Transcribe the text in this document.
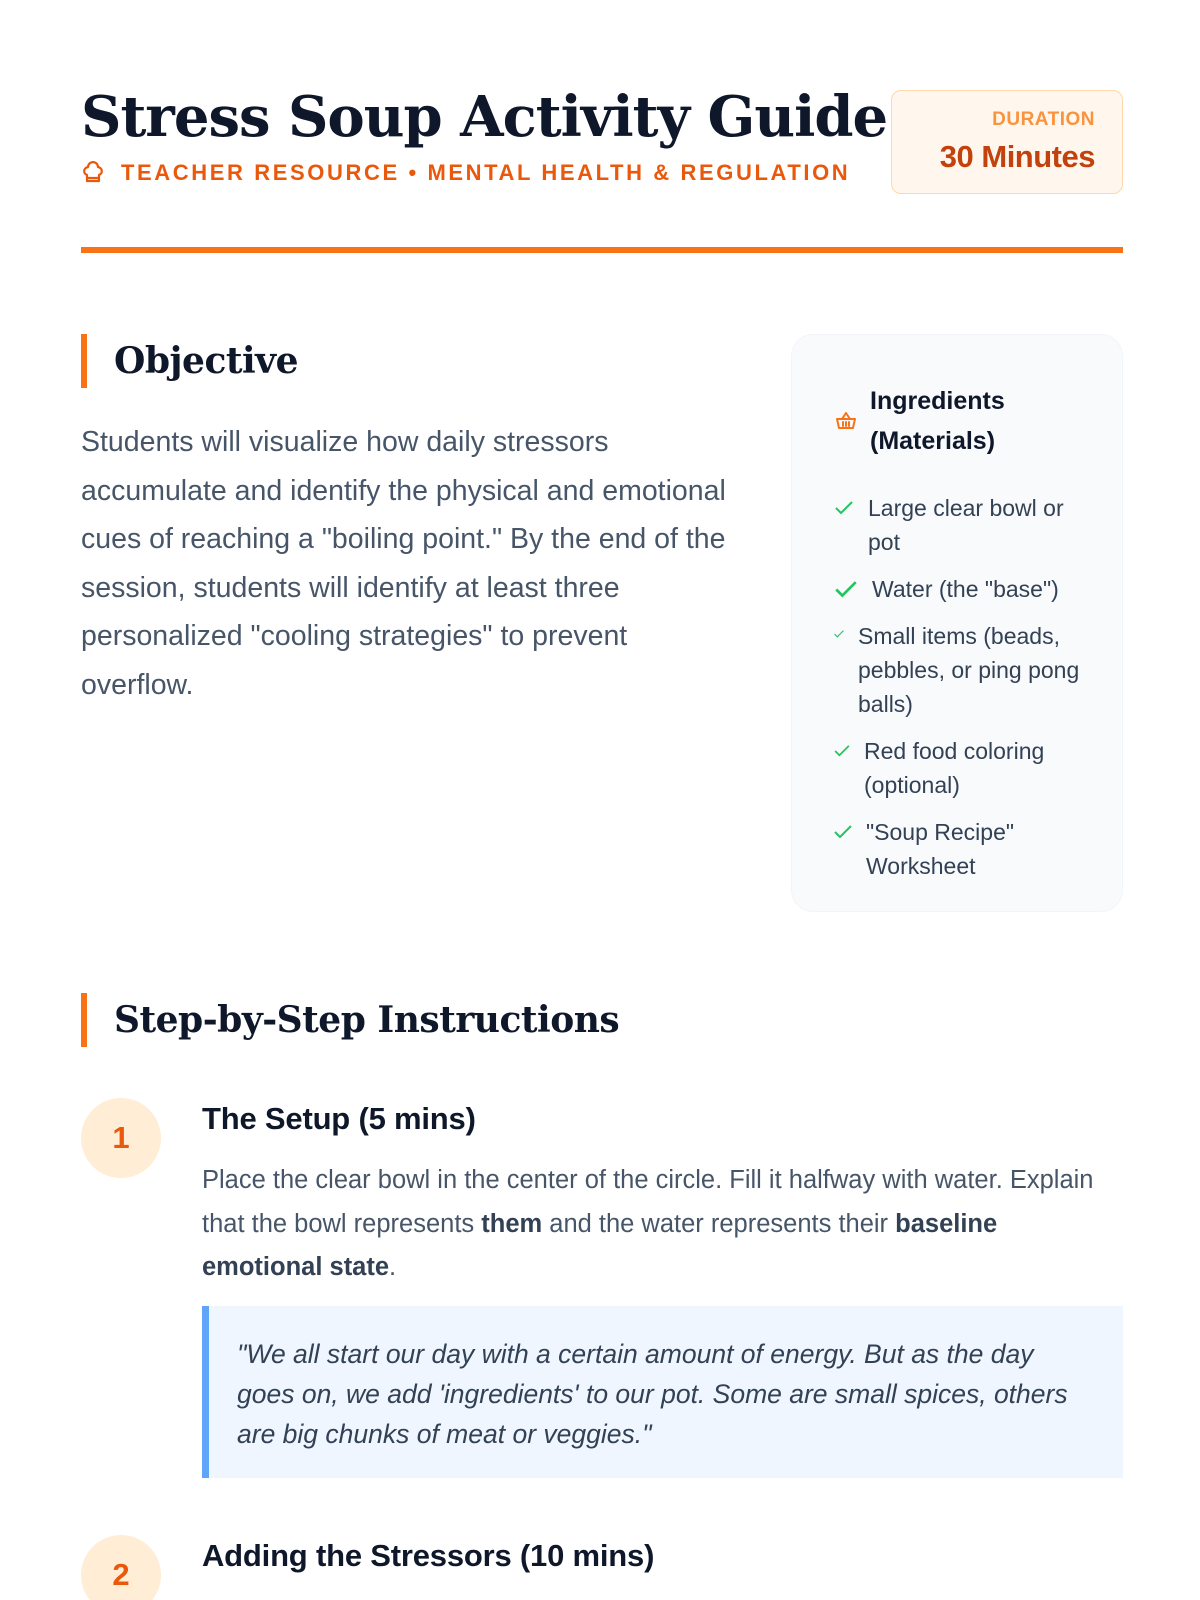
Stress Soup Activity Guide
TEACHER RESOURCE • MENTAL HEALTH & REGULATION
DURATION
30 Minutes
Objective

Students will visualize how daily stressors accumulate and identify the physical and emotional cues of reaching a "boiling point." By the end of the session, students will identify at least three personalized "cooling strategies" to prevent overflow.

Ingredients (Materials)
Large clear bowl or pot
Water (the "base")
Small items (beads, pebbles, or ping pong balls)
Red food coloring (optional)
"Soup Recipe" Worksheet
Step-by-Step Instructions
1
The Setup (5 mins)

Place the clear bowl in the center of the circle. Fill it halfway with water. Explain that the bowl represents them and the water represents their baseline emotional state.

"We all start our day with a certain amount of energy. But as the day goes on, we add 'ingredients' to our pot. Some are small spices, others are big chunks of meat or veggies."
2
Adding the Stressors (10 mins)
